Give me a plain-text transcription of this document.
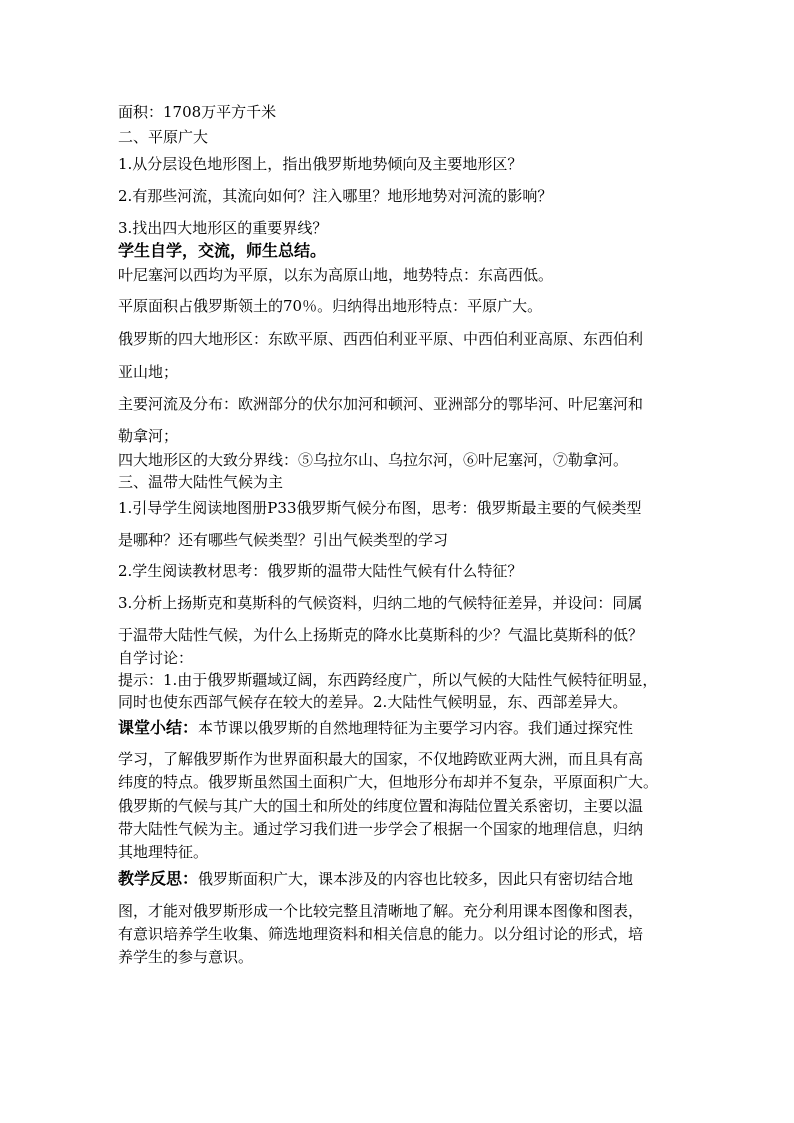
面积：1708万平方千米
二、平原广大
1.从分层设色地形图上，指出俄罗斯地势倾向及主要地形区？
2.有那些河流，其流向如何？注入哪里？地形地势对河流的影响？
3.找出四大地形区的重要界线？
学生自学，交流，师生总结。
叶尼塞河以西均为平原，以东为高原山地，地势特点：东高西低。
平原面积占俄罗斯领土的70％。归纳得出地形特点：平原广大。
俄罗斯的四大地形区：东欧平原、西西伯利亚平原、中西伯利亚高原、东西伯利
亚山地；
主要河流及分布：欧洲部分的伏尔加河和顿河、亚洲部分的鄂毕河、叶尼塞河和
勒拿河；
四大地形区的大致分界线：⑤乌拉尔山、乌拉尔河，⑥叶尼塞河，⑦勒拿河。
三、温带大陆性气候为主
1.引导学生阅读地图册P33俄罗斯气候分布图，思考：俄罗斯最主要的气候类型
是哪种？还有哪些气候类型？引出气候类型的学习
2.学生阅读教材思考：俄罗斯的温带大陆性气候有什么特征？
3.分析上扬斯克和莫斯科的气候资料，归纳二地的气候特征差异，并设问：同属
于温带大陆性气候，为什么上扬斯克的降水比莫斯科的少？气温比莫斯科的低？
自学讨论：
提示：1.由于俄罗斯疆域辽阔，东西跨经度广，所以气候的大陆性气候特征明显，
同时也使东西部气候存在较大的差异。2.大陆性气候明显，东、西部差异大。
课堂小结：本节课以俄罗斯的自然地理特征为主要学习内容。我们通过探究性
学习，了解俄罗斯作为世界面积最大的国家，不仅地跨欧亚两大洲，而且具有高
纬度的特点。俄罗斯虽然国土面积广大，但地形分布却并不复杂，平原面积广大。
俄罗斯的气候与其广大的国土和所处的纬度位置和海陆位置关系密切，主要以温
带大陆性气候为主。通过学习我们进一步学会了根据一个国家的地理信息，归纳
其地理特征。
教学反思：俄罗斯面积广大，课本涉及的内容也比较多，因此只有密切结合地
图，才能对俄罗斯形成一个比较完整且清晰地了解。充分利用课本图像和图表，
有意识培养学生收集、筛选地理资料和相关信息的能力。以分组讨论的形式，培
养学生的参与意识。
